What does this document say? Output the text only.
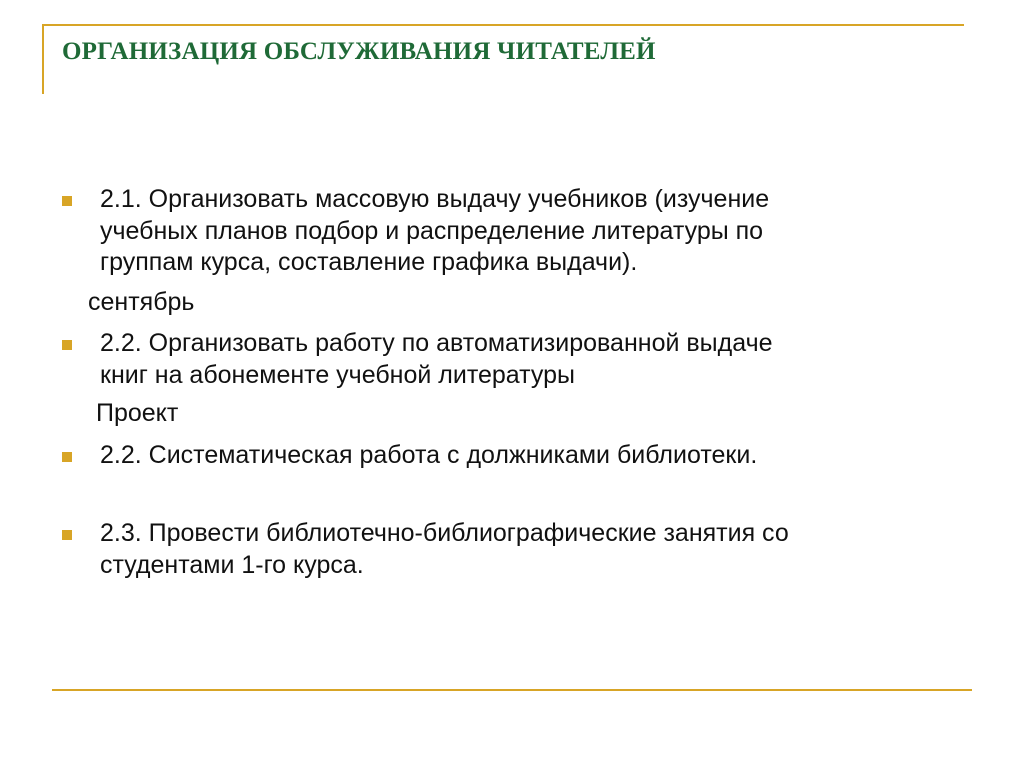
ОРГАНИЗАЦИЯ ОБСЛУЖИВАНИЯ ЧИТАТЕЛЕЙ
2.1. Организовать массовую выдачу учебников (изучение
учебных планов подбор и распределение литературы по
группам курса, составление графика выдачи).
сентябрь
2.2. Организовать работу по автоматизированной выдаче
книг на абонементе учебной литературы
Проект
2.2. Систематическая работа с должниками библиотеки.
2.3. Провести библиотечно-библиографические занятия со
студентами 1-го курса.
